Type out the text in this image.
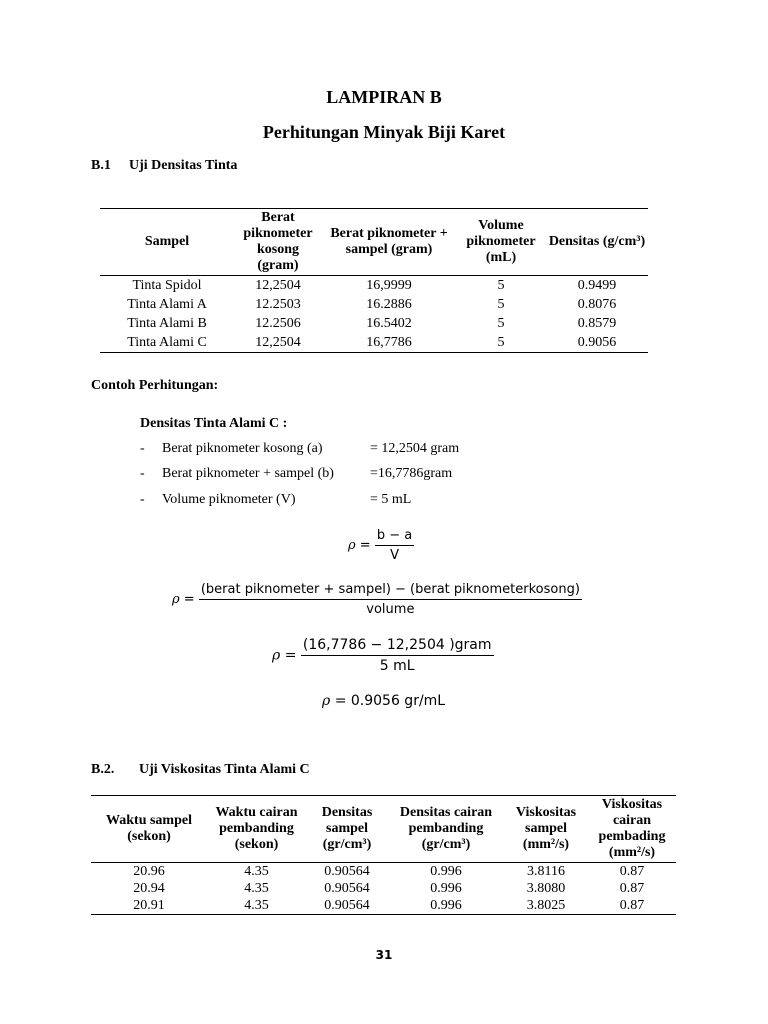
LAMPIRAN B
Perhitungan Minyak Biji Karet
B.1 Uji Densitas Tinta
Sampel	Berat piknometer kosong (gram)	Berat piknometer + sampel (gram)	Volume piknometer (mL)	Densitas (g/cm³)
Tinta Spidol	12,2504	16,9999	5	0.9499
Tinta Alami A	12.2503	16.2886	5	0.8076
Tinta Alami B	12.2506	16.5402	5	0.8579
Tinta Alami C	12,2504	16,7786	5	0.9056
Contoh Perhitungan:
Densitas Tinta Alami C :
- Berat piknometer kosong (a)	= 12,2504 gram
- Berat piknometer + sampel (b)	=16,7786gram
- Volume piknometer (V)	= 5 mL
$\rho = \frac{b - a}{V}$
$\rho = \frac{\text{(berat piknometer + sampel) − (berat piknometerkosong)}}{\text{volume}}$
$\rho = \frac{\text{(16,7786 − 12,2504 )gram}}{5 mL}$
ρ = 0.9056 gr/mL
B.2. Uji Viskositas Tinta Alami C
Waktu sampel (sekon)	Waktu cairan pembanding (sekon)	Densitas sampel (gr/cm³)	Densitas cairan pembanding (gr/cm³)	Viskositas sampel (mm²/s)	Viskositas cairan pembading (mm²/s)
20.96	4.35	0.90564	0.996	3.8116	0.87
20.94	4.35	0.90564	0.996	3.8080	0.87
20.91	4.35	0.90564	0.996	3.8025	0.87
31
